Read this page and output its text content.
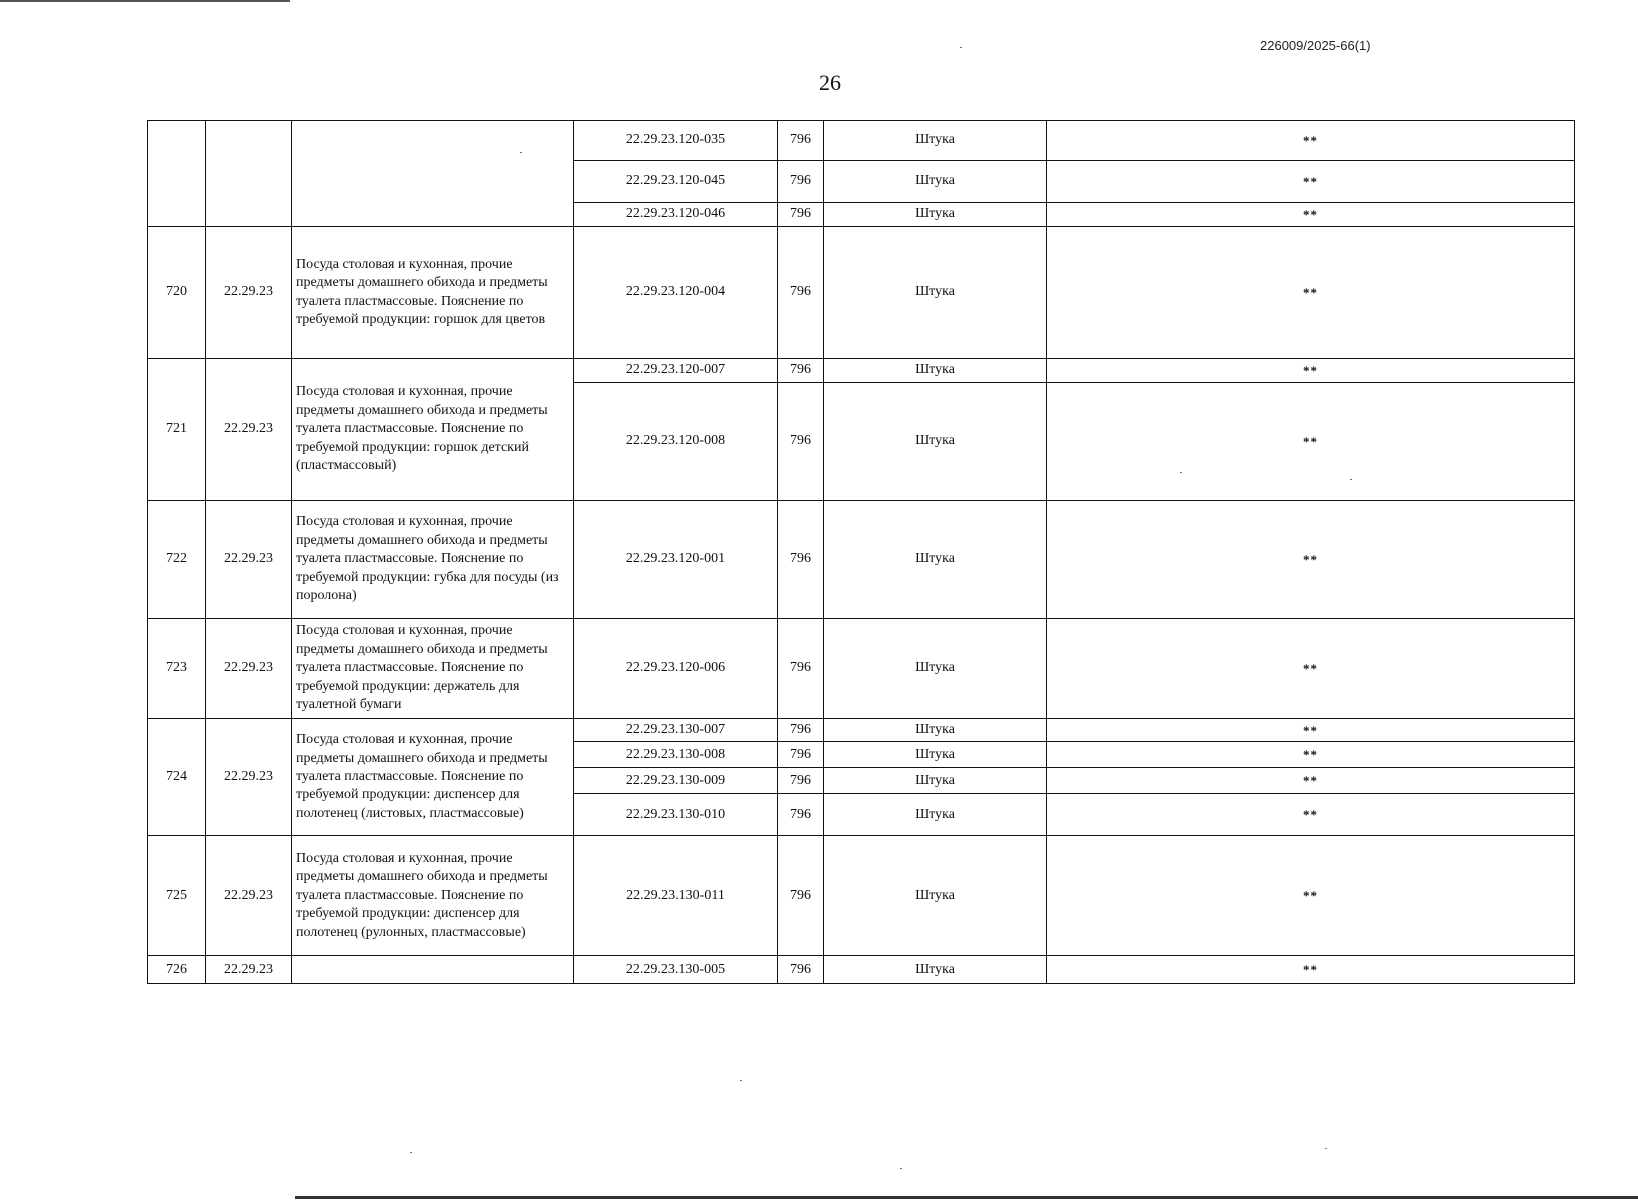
226009/2025-66(1)
26
			22.29.23.120-035	796	Штука	**
			22.29.23.120-045	796	Штука	**
			22.29.23.120-046	796	Штука	**
720	22.29.23	Посуда столовая и кухонная, прочие предметы домашнего обихода и предметы туалета пластмассовые. Пояснение по требуемой продукции: горшок для цветов	22.29.23.120-004	796	Штука	**
721	22.29.23	Посуда столовая и кухонная, прочие предметы домашнего обихода и предметы туалета пластмассовые. Пояснение по требуемой продукции: горшок детский (пластмассовый)	22.29.23.120-007	796	Штука	**
			22.29.23.120-008	796	Штука	**
722	22.29.23	Посуда столовая и кухонная, прочие предметы домашнего обихода и предметы туалета пластмассовые. Пояснение по требуемой продукции: губка для посуды (из поролона)	22.29.23.120-001	796	Штука	**
723	22.29.23	Посуда столовая и кухонная, прочие предметы домашнего обихода и предметы туалета пластмассовые. Пояснение по требуемой продукции: держатель для туалетной бумаги	22.29.23.120-006	796	Штука	**
724	22.29.23	Посуда столовая и кухонная, прочие предметы домашнего обихода и предметы туалета пластмассовые. Пояснение по требуемой продукции: диспенсер для полотенец (листовых, пластмассовые)	22.29.23.130-007	796	Штука	**
			22.29.23.130-008	796	Штука	**
			22.29.23.130-009	796	Штука	**
			22.29.23.130-010	796	Штука	**
725	22.29.23	Посуда столовая и кухонная, прочие предметы домашнего обихода и предметы туалета пластмассовые. Пояснение по требуемой продукции: диспенсер для полотенец (рулонных, пластмассовые)	22.29.23.130-011	796	Штука	**
726	22.29.23		22.29.23.130-005	796	Штука	**
